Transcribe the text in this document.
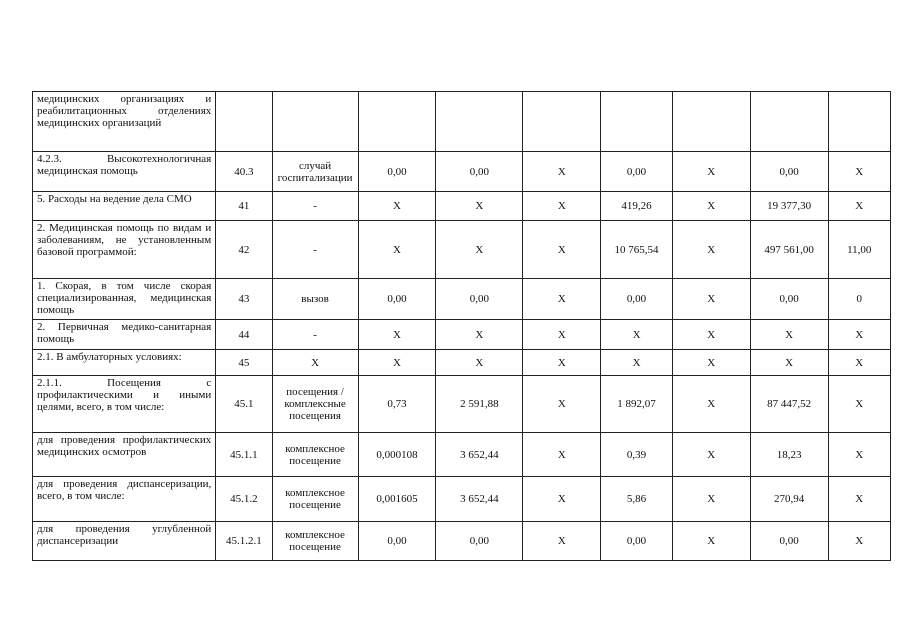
медицинских организациях и реабилитационных отделениях медицинских организаций									
4.2.3. Высокотехнологичная медицинская помощь	40.3	случай госпитализации	0,00	0,00	Х	0,00	Х	0,00	Х
5. Расходы на ведение дела СМО	41	-	Х	Х	Х	419,26	Х	19 377,30	Х
2. Медицинская помощь по видам и заболеваниям, не установленным базовой программой:	42	-	Х	Х	Х	10 765,54	Х	497 561,00	11,00
1. Скорая, в том числе скорая специализированная, медицинская помощь	43	вызов	0,00	0,00	Х	0,00	Х	0,00	0
2. Первичная медико-санитарная помощь	44	-	Х	Х	Х	Х	Х	Х	Х
2.1. В амбулаторных условиях:	45	Х	Х	Х	Х	Х	Х	Х	Х
2.1.1. Посещения с профилактическими и иными целями, всего, в том числе:	45.1	посещения / комплексные посещения	0,73	2 591,88	Х	1 892,07	Х	87 447,52	Х
для проведения профилактических медицинских осмотров	45.1.1	комплексное посещение	0,000108	3 652,44	Х	0,39	Х	18,23	Х
для проведения диспансеризации, всего, в том числе:	45.1.2	комплексное посещение	0,001605	3 652,44	Х	5,86	Х	270,94	Х
для проведения углубленной диспансеризации	45.1.2.1	комплексное посещение	0,00	0,00	Х	0,00	Х	0,00	Х
